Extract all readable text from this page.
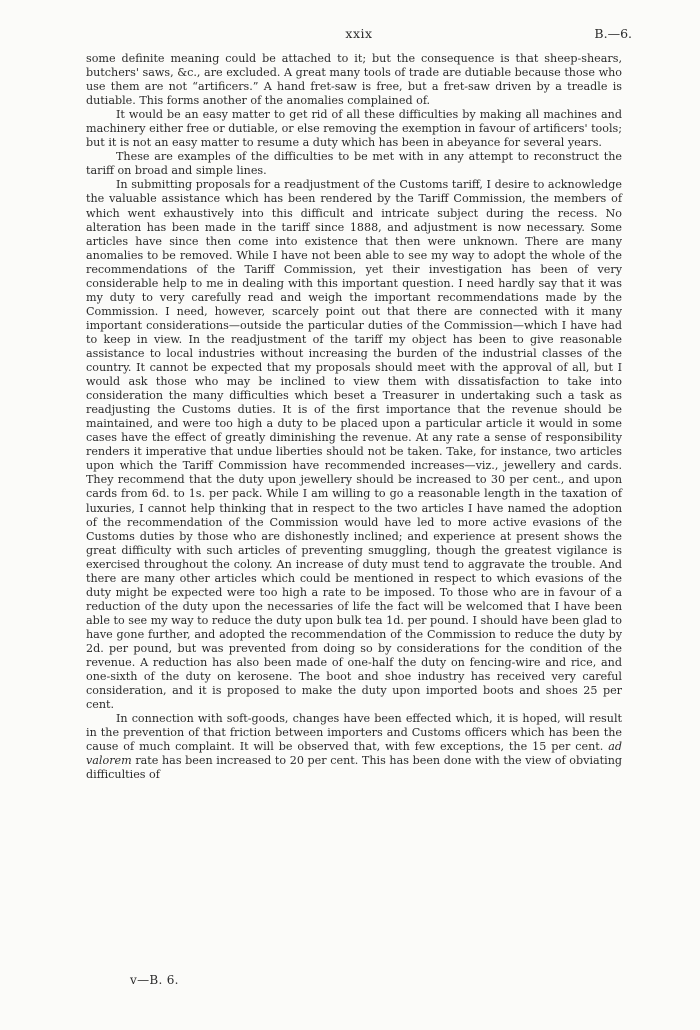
xxix	B.—6.

some definite meaning could be attached to it; but the consequence is that sheep-shears, butchers' saws, &c., are excluded. A great many tools of trade are dutiable because those who use them are not “artificers.” A hand fret-saw is free, but a fret-saw driven by a treadle is dutiable. This forms another of the anomalies complained of.

It would be an easy matter to get rid of all these difficulties by making all machines and machinery either free or dutiable, or else removing the exemption in favour of artificers' tools; but it is not an easy matter to resume a duty which has been in abeyance for several years.

These are examples of the difficulties to be met with in any attempt to reconstruct the tariff on broad and simple lines.

In submitting proposals for a readjustment of the Customs tariff, I desire to acknowledge the valuable assistance which has been rendered by the Tariff Commission, the members of which went exhaustively into this difficult and intricate subject during the recess. No alteration has been made in the tariff since 1888, and adjustment is now necessary. Some articles have since then come into existence that then were unknown. There are many anomalies to be removed. While I have not been able to see my way to adopt the whole of the recommendations of the Tariff Commission, yet their investigation has been of very considerable help to me in dealing with this important question. I need hardly say that it was my duty to very carefully read and weigh the important recommendations made by the Commission. I need, however, scarcely point out that there are connected with it many important considerations—outside the particular duties of the Commission—which I have had to keep in view. In the readjustment of the tariff my object has been to give reasonable assistance to local industries without increasing the burden of the industrial classes of the country. It cannot be expected that my proposals should meet with the approval of all, but I would ask those who may be inclined to view them with dissatisfaction to take into consideration the many difficulties which beset a Treasurer in undertaking such a task as readjusting the Customs duties. It is of the first importance that the revenue should be maintained, and were too high a duty to be placed upon a particular article it would in some cases have the effect of greatly diminishing the revenue. At any rate a sense of responsibility renders it imperative that undue liberties should not be taken. Take, for instance, two articles upon which the Tariff Commission have recommended increases—viz., jewellery and cards. They recommend that the duty upon jewellery should be increased to 30 per cent., and upon cards from 6d. to 1s. per pack. While I am willing to go a reasonable length in the taxation of luxuries, I cannot help thinking that in respect to the two articles I have named the adoption of the recommendation of the Commission would have led to more active evasions of the Customs duties by those who are dishonestly inclined; and experience at present shows the great difficulty with such articles of preventing smuggling, though the greatest vigilance is exercised throughout the colony. An increase of duty must tend to aggravate the trouble. And there are many other articles which could be mentioned in respect to which evasions of the duty might be expected were too high a rate to be imposed. To those who are in favour of a reduction of the duty upon the necessaries of life the fact will be welcomed that I have been able to see my way to reduce the duty upon bulk tea 1d. per pound. I should have been glad to have gone further, and adopted the recommendation of the Commission to reduce the duty by 2d. per pound, but was prevented from doing so by considerations for the condition of the revenue. A reduction has also been made of one-half the duty on fencing-wire and rice, and one-sixth of the duty on kerosene. The boot and shoe industry has received very careful consideration, and it is proposed to make the duty upon imported boots and shoes 25 per cent.

In connection with soft-goods, changes have been effected which, it is hoped, will result in the prevention of that friction between importers and Customs officers which has been the cause of much complaint. It will be observed that, with few exceptions, the 15 per cent. ad valorem rate has been increased to 20 per cent. This has been done with the view of obviating difficulties of

v—B. 6.
